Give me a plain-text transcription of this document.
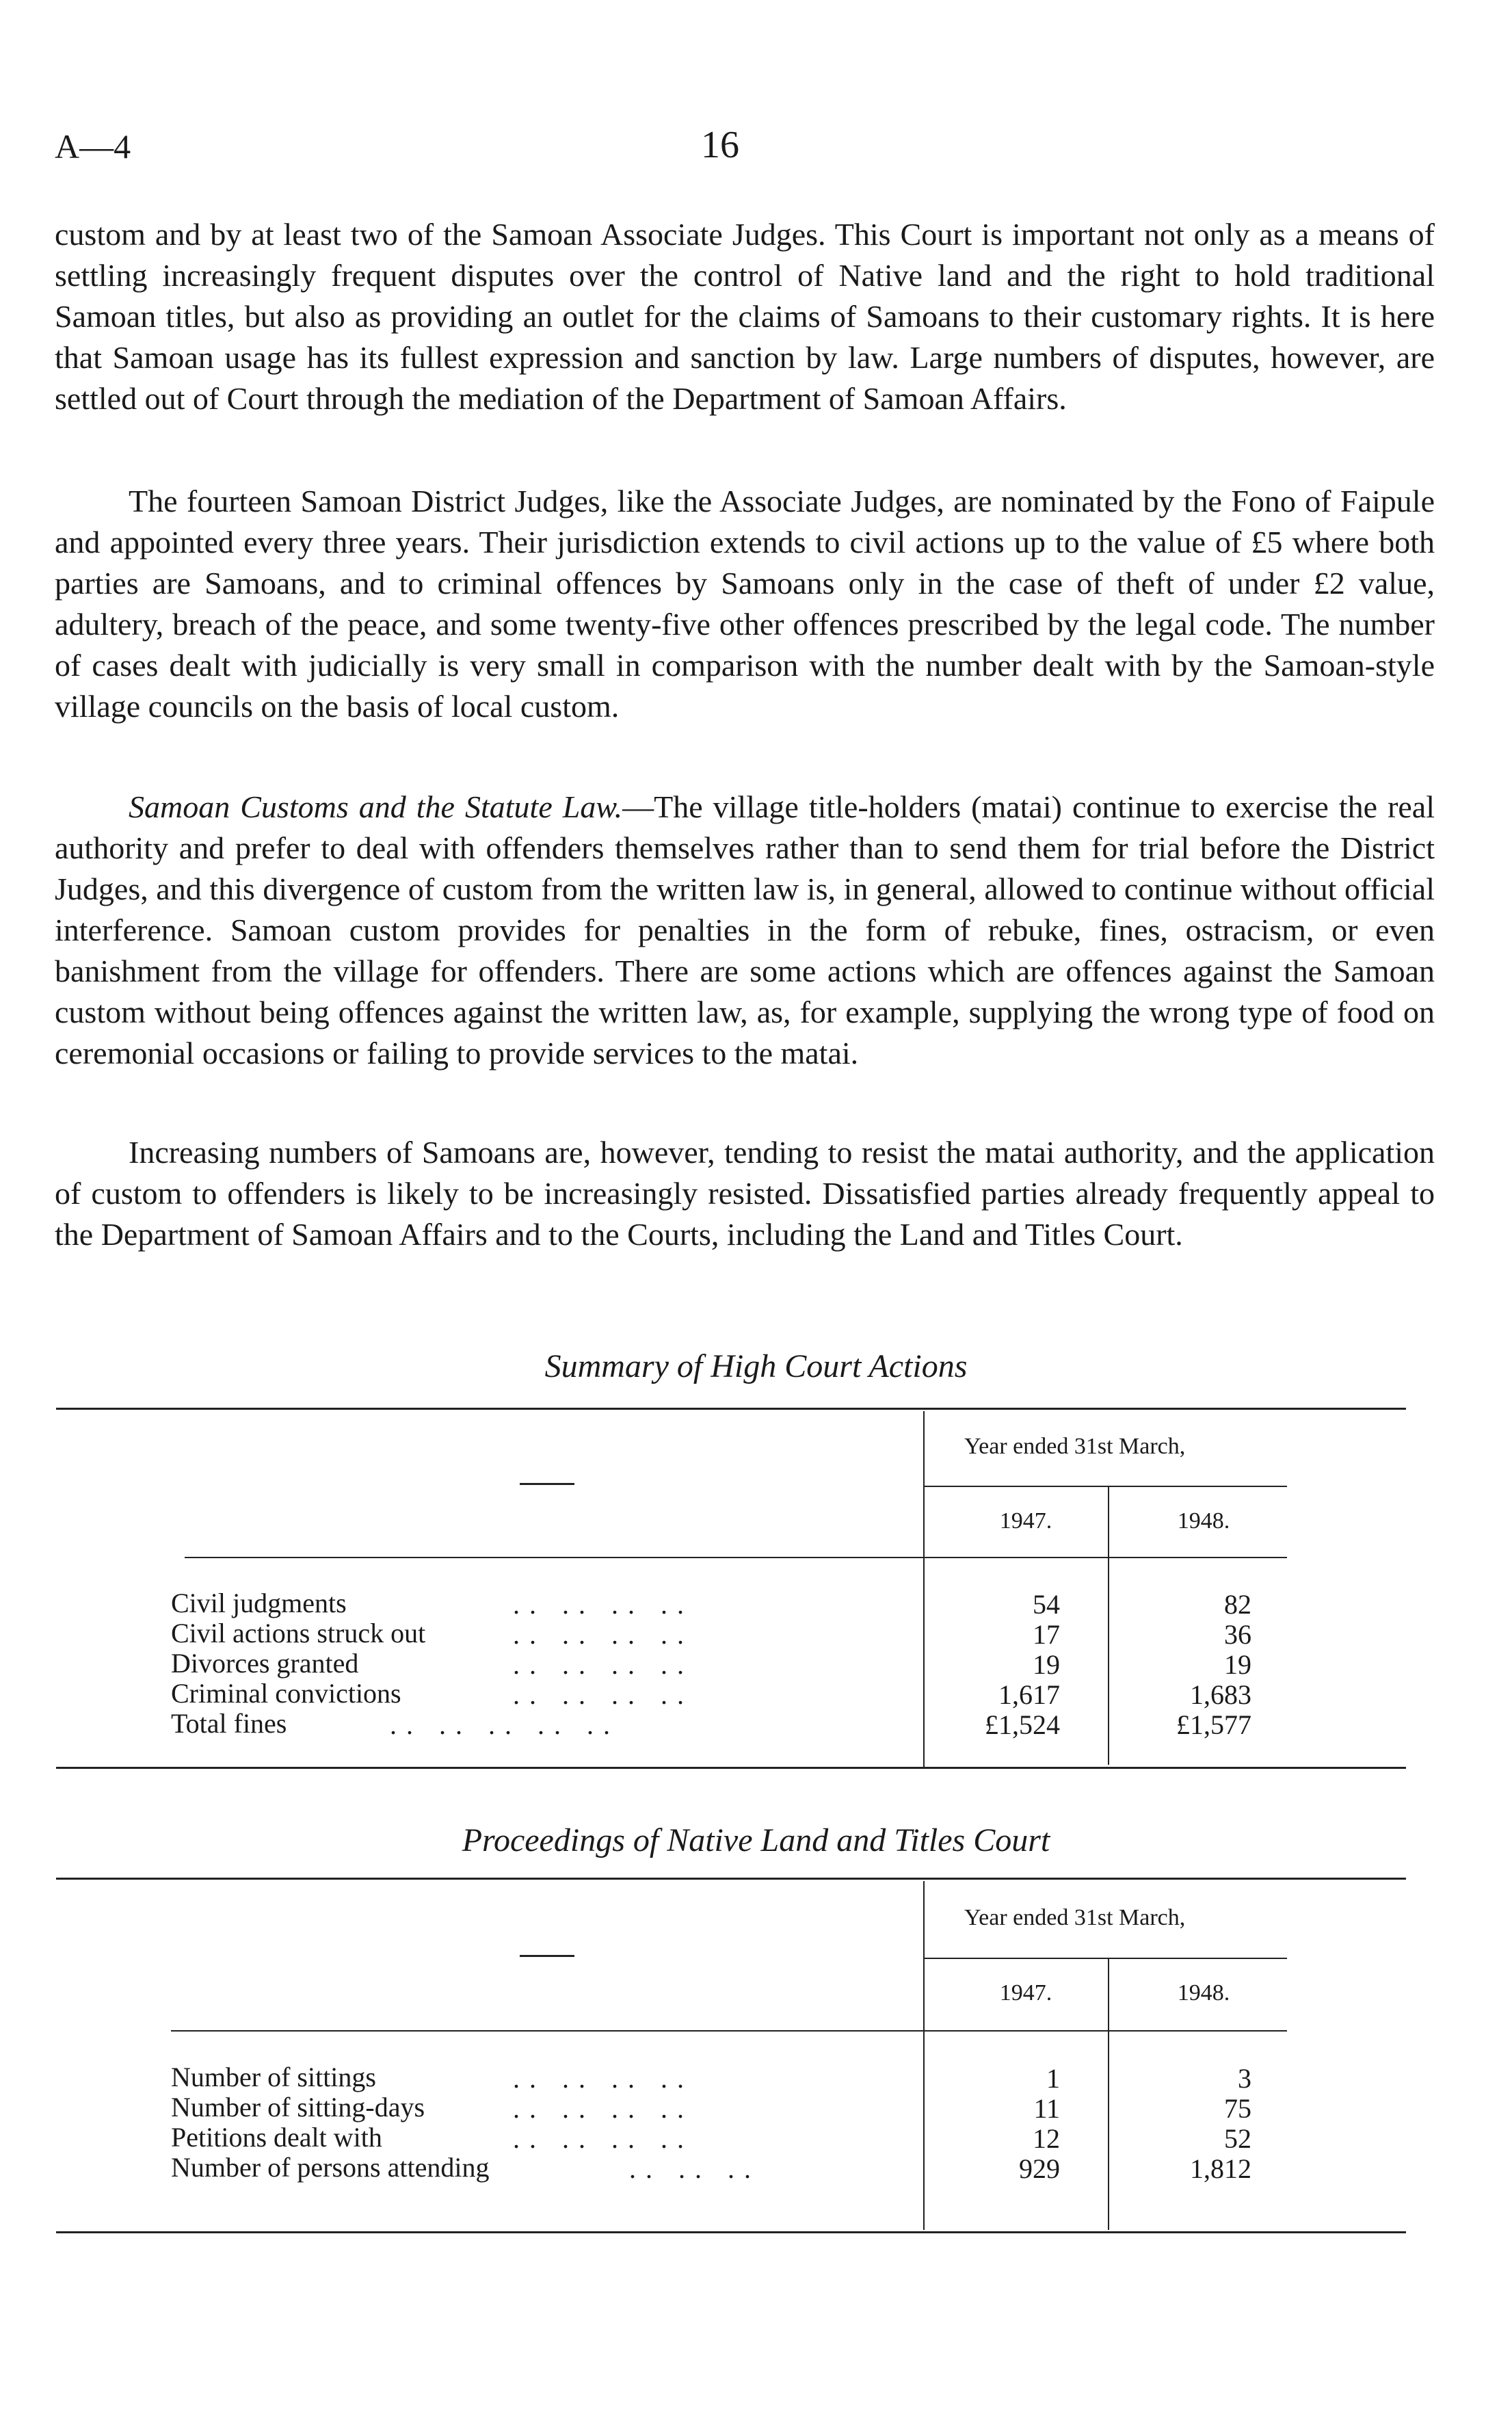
A—4	16

custom and by at least two of the Samoan Associate Judges. This Court is important not only as a means of settling increasingly frequent disputes over the control of Native land and the right to hold traditional Samoan titles, but also as providing an outlet for the claims of Samoans to their customary rights. It is here that Samoan usage has its fullest expression and sanction by law. Large numbers of disputes, however, are settled out of Court through the mediation of the Department of Samoan Affairs.

The fourteen Samoan District Judges, like the Associate Judges, are nominated by the Fono of Faipule and appointed every three years. Their jurisdiction extends to civil actions up to the value of £5 where both parties are Samoans, and to criminal offences by Samoans only in the case of theft of under £2 value, adultery, breach of the peace, and some twenty-five other offences prescribed by the legal code. The number of cases dealt with judicially is very small in comparison with the number dealt with by the Samoan-style village councils on the basis of local custom.

Samoan Customs and the Statute Law.—The village title-holders (matai) continue to exercise the real authority and prefer to deal with offenders themselves rather than to send them for trial before the District Judges, and this divergence of custom from the written law is, in general, allowed to continue without official interference. Samoan custom provides for penalties in the form of rebuke, fines, ostracism, or even banishment from the village for offenders. There are some actions which are offences against the Samoan custom without being offences against the written law, as, for example, supplying the wrong type of food on ceremonial occasions or failing to provide services to the matai.

Increasing numbers of Samoans are, however, tending to resist the matai authority, and the application of custom to offenders is likely to be increasingly resisted. Dissatisfied parties already frequently appeal to the Department of Samoan Affairs and to the Courts, including the Land and Titles Court.

Summary of High Court Actions
Year ended 31st March,
1947.	1948.
Civil judgments	. .   . .   . .   . .	54	82
Civil actions struck out	. .   . .   . .   . .	17	36
Divorces granted	. .   . .   . .   . .	19	19
Criminal convictions	. .   . .   . .   . .	1,617	1,683
Total fines	. .   . .   . .   . .   . .	£1,524	£1,577
Proceedings of Native Land and Titles Court
Year ended 31st March,
1947.	1948.
Number of sittings	. .   . .   . .   . .	1	3
Number of sitting-days	. .   . .   . .   . .	11	75
Petitions dealt with	. .   . .   . .   . .	12	52
Number of persons attending	. .   . .   . .	929	1,812
